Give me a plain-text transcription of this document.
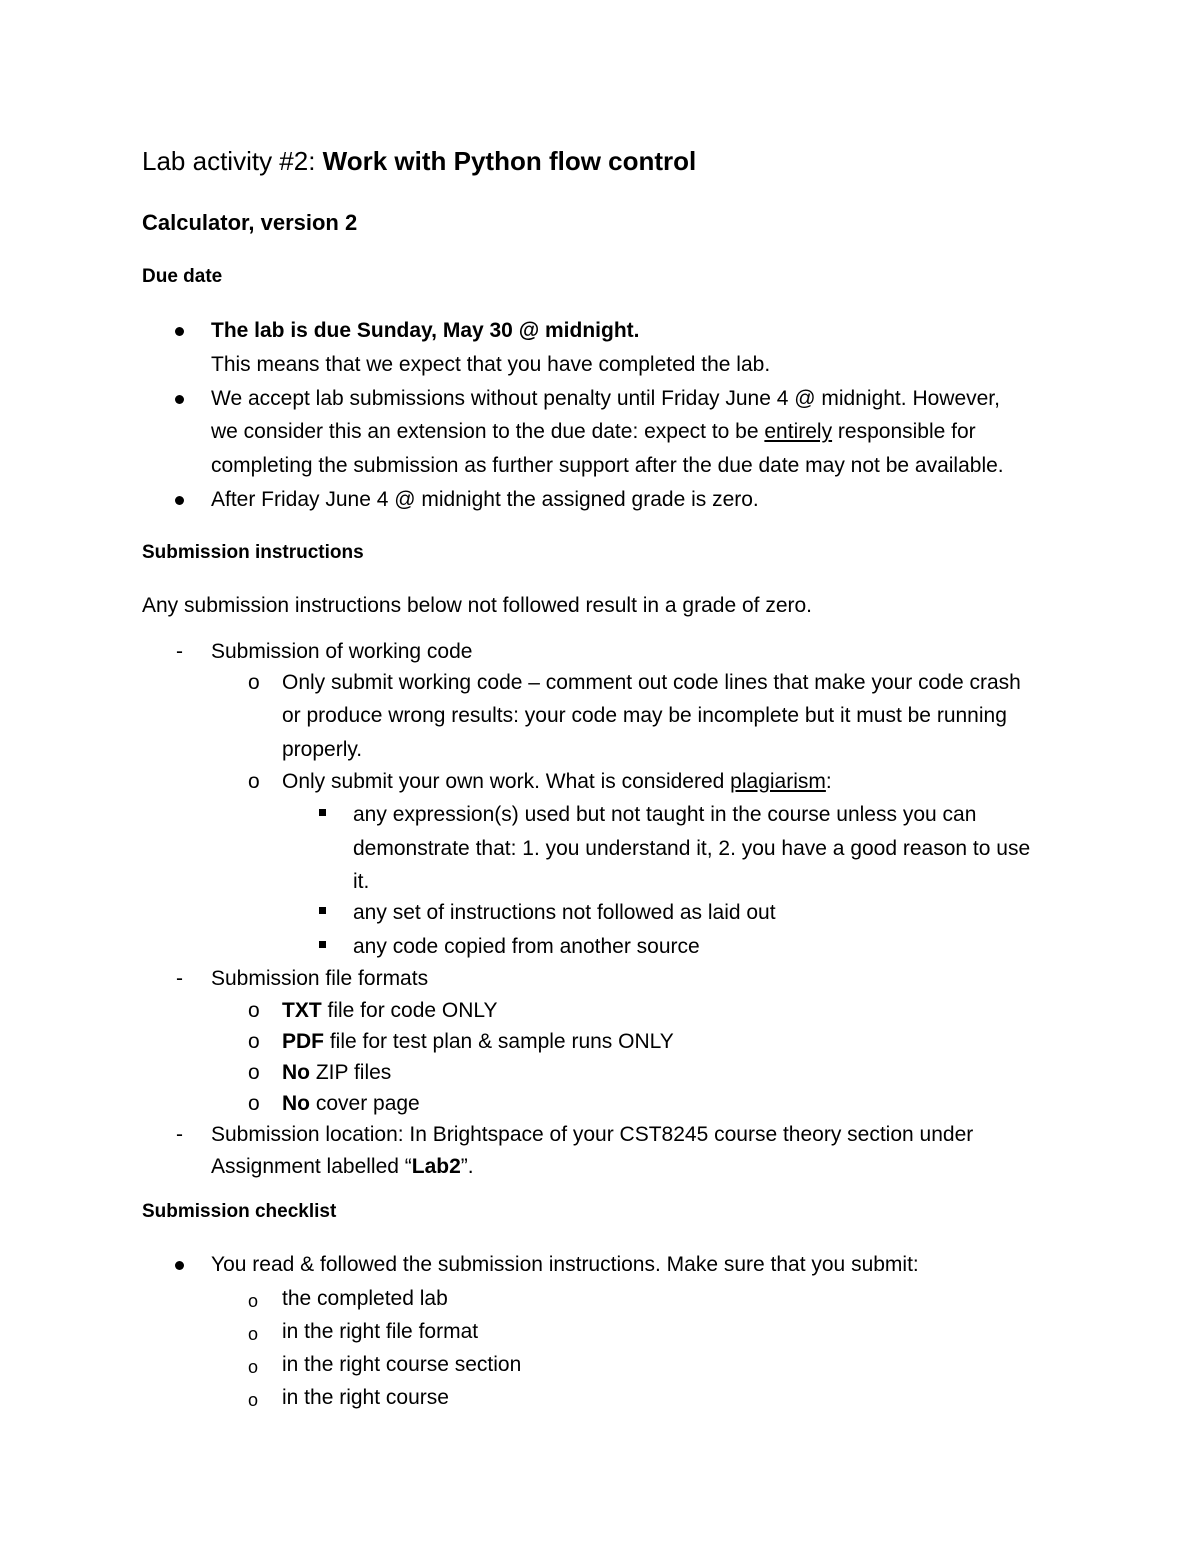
Lab activity #2: Work with Python flow control
Calculator, version 2
Due date
The lab is due Sunday, May 30 @ midnight.
This means that we expect that you have completed the lab.
We accept lab submissions without penalty until Friday June 4 @ midnight. However,
we consider this an extension to the due date: expect to be entirely responsible for
completing the submission as further support after the due date may not be available.
After Friday June 4 @ midnight the assigned grade is zero.
Submission instructions
Any submission instructions below not followed result in a grade of zero.
- Submission of working code
o Only submit working code – comment out code lines that make your code crash
or produce wrong results: your code may be incomplete but it must be running
properly.
o Only submit your own work. What is considered plagiarism:
any expression(s) used but not taught in the course unless you can
demonstrate that: 1. you understand it, 2. you have a good reason to use
it.
any set of instructions not followed as laid out
any code copied from another source
- Submission file formats
o TXT file for code ONLY
o PDF file for test plan & sample runs ONLY
o No ZIP files
o No cover page
- Submission location: In Brightspace of your CST8245 course theory section under
Assignment labelled “Lab2”.
Submission checklist
You read & followed the submission instructions. Make sure that you submit:
o the completed lab
o in the right file format
o in the right course section
o in the right course
